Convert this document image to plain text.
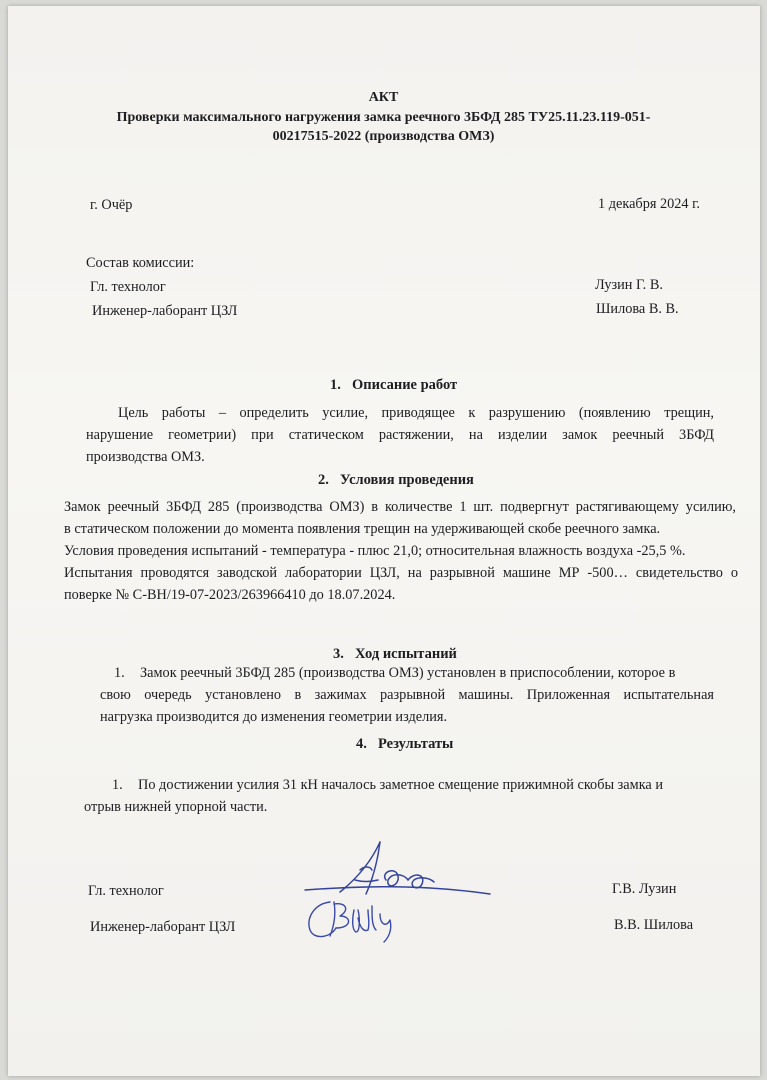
АКТ
Проверки максимального нагружения замка реечного 3БФД 285 ТУ25.11.23.119-051-
00217515-2022 (производства ОМЗ)
г. Очёр	1 декабря 2024 г.
Состав комиссии:
Гл. технолог	Лузин Г. В.
Инженер-лаборант ЦЗЛ	Шилова В. В.
1. Описание работ
Цель работы – определить усилие, приводящее к разрушению (появлению трещин,
нарушение геометрии) при статическом растяжении, на изделии замок реечный 3БФД
производства ОМЗ.
2. Условия проведения
Замок реечный 3БФД 285 (производства ОМЗ) в количестве 1 шт. подвергнут растягивающему усилию,
в статическом положении до момента появления трещин на удерживающей скобе реечного замка.
Условия проведения испытаний - температура - плюс 21,0; относительная влажность воздуха -25,5 %.
Испытания проводятся заводской лаборатории ЦЗЛ, на разрывной машине МР -500… свидетельство о
поверке № С-ВН/19-07-2023/263966410 до 18.07.2024.
3. Ход испытаний
1. Замок реечный 3БФД 285 (производства ОМЗ) установлен в приспособлении, которое в
свою очередь установлено в зажимах разрывной машины. Приложенная испытательная
нагрузка производится до изменения геометрии изделия.
4. Результаты
1. По достижении усилия 31 кН началось заметное смещение прижимной скобы замка и
отрыв нижней упорной части.
Гл. технолог	Г.В. Лузин
Инженер-лаборант ЦЗЛ	В.В. Шилова
